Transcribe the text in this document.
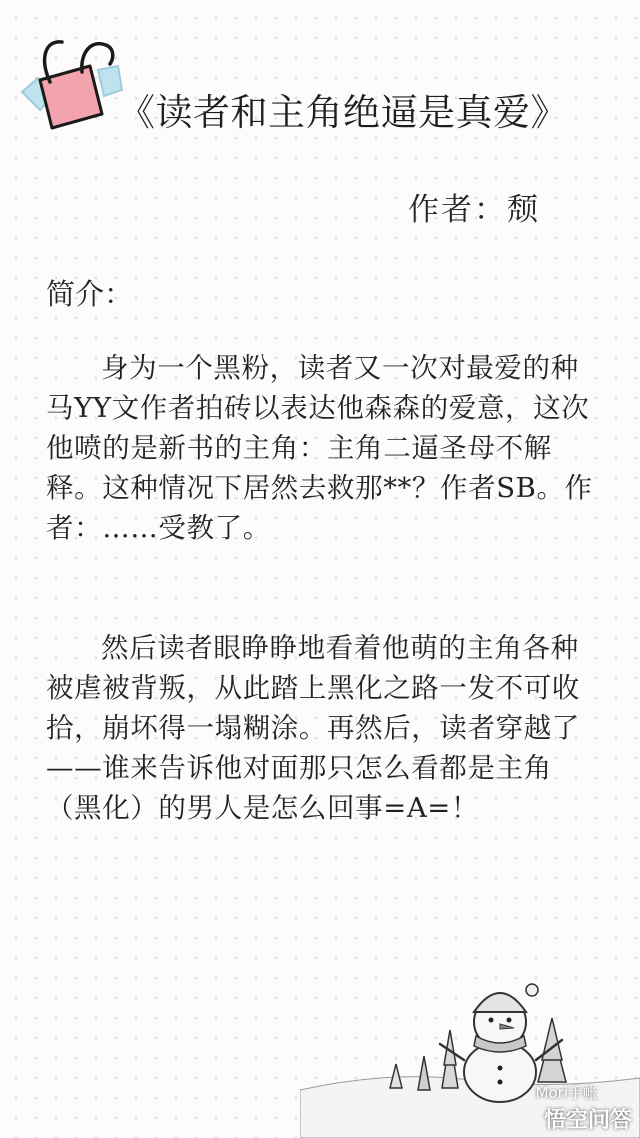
《读者和主角绝逼是真爱》
作者：颓
简介：

身为一个黑粉，读者又一次对最爱的种马YY文作者拍砖以表达他森森的爱意，这次他喷的是新书的主角：主角二逼圣母不解释。这种情况下居然去救那**？作者SB。作者：……受教了。

然后读者眼睁睁地看着他萌的主角各种被虐被背叛，从此踏上黑化之路一发不可收拾，崩坏得一塌糊涂。再然后，读者穿越了——谁来告诉他对面那只怎么看都是主角（黑化）的男人是怎么回事=A=！

Mori手帐
悟空问答
